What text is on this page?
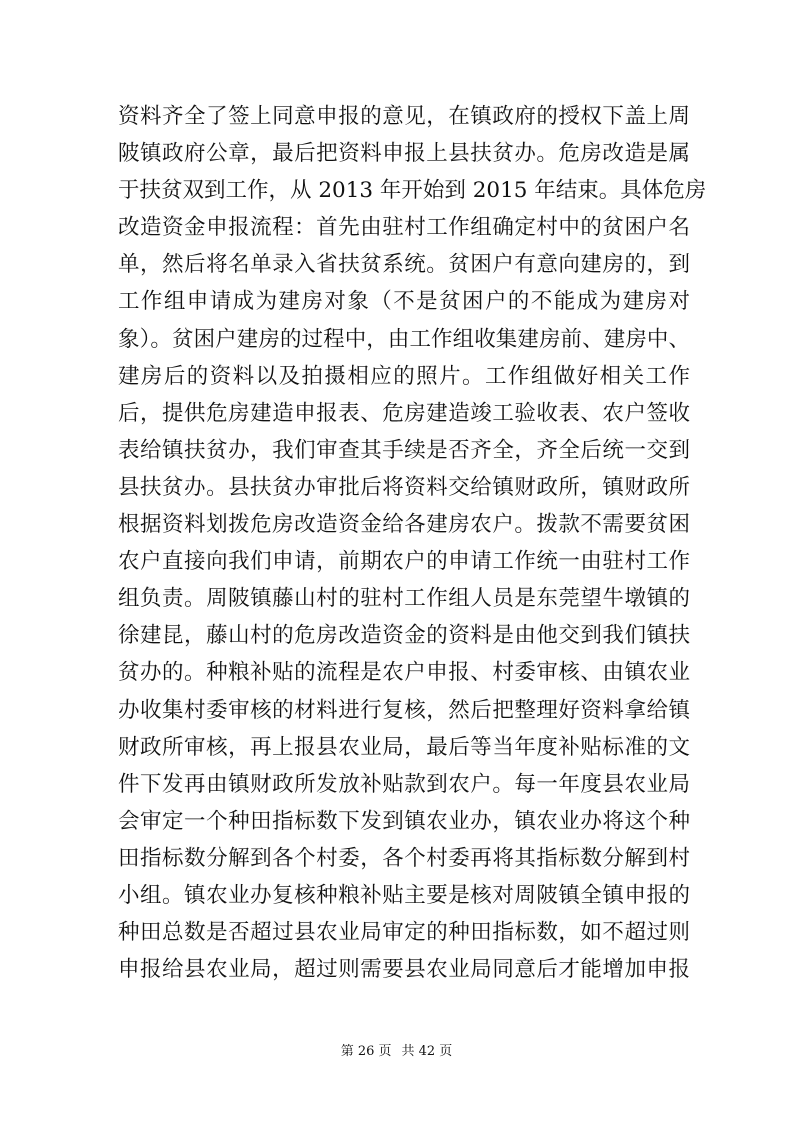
资料齐全了签上同意申报的意见，在镇政府的授权下盖上周
陂镇政府公章，最后把资料申报上县扶贫办。危房改造是属
于扶贫双到工作，从 2013 年开始到 2015 年结束。具体危房
改造资金申报流程：首先由驻村工作组确定村中的贫困户名
单，然后将名单录入省扶贫系统。贫困户有意向建房的，到
工作组申请成为建房对象（不是贫困户的不能成为建房对
象）。贫困户建房的过程中，由工作组收集建房前、建房中、
建房后的资料以及拍摄相应的照片。工作组做好相关工作
后，提供危房建造申报表、危房建造竣工验收表、农户签收
表给镇扶贫办，我们审查其手续是否齐全，齐全后统一交到
县扶贫办。县扶贫办审批后将资料交给镇财政所，镇财政所
根据资料划拨危房改造资金给各建房农户。拨款不需要贫困
农户直接向我们申请，前期农户的申请工作统一由驻村工作
组负责。周陂镇藤山村的驻村工作组人员是东莞望牛墩镇的
徐建昆，藤山村的危房改造资金的资料是由他交到我们镇扶
贫办的。种粮补贴的流程是农户申报、村委审核、由镇农业
办收集村委审核的材料进行复核，然后把整理好资料拿给镇
财政所审核，再上报县农业局，最后等当年度补贴标准的文
件下发再由镇财政所发放补贴款到农户。每一年度县农业局
会审定一个种田指标数下发到镇农业办，镇农业办将这个种
田指标数分解到各个村委，各个村委再将其指标数分解到村
小组。镇农业办复核种粮补贴主要是核对周陂镇全镇申报的
种田总数是否超过县农业局审定的种田指标数，如不超过则
申报给县农业局，超过则需要县农业局同意后才能增加申报
第 26 页 共 42 页
